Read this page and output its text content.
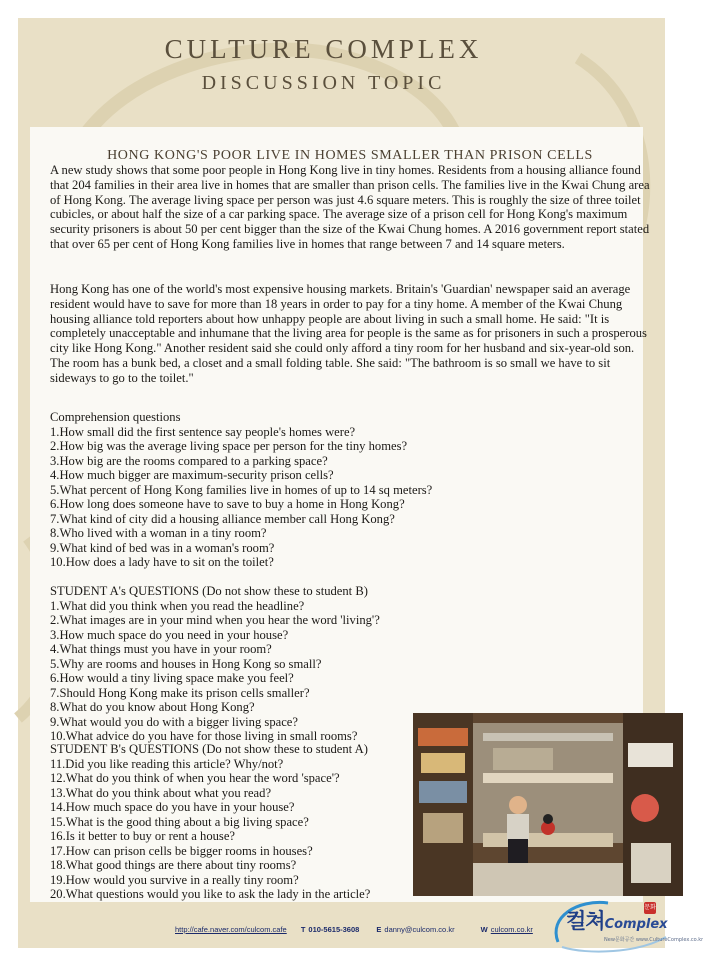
CULTURE COMPLEX
DISCUSSION TOPIC
HONG KONG'S POOR LIVE IN HOMES SMALLER THAN PRISON CELLS

A new study shows that some poor people in Hong Kong live in tiny homes. Residents from a housing alliance found that 204 families in their area live in homes that are smaller than prison cells. The families live in the Kwai Chung area of Hong Kong. The average living space per person was just 4.6 square meters. This is roughly the size of three toilet cubicles, or about half the size of a car parking space. The average size of a prison cell for Hong Kong's maximum security prisoners is about 50 per cent bigger than the size of the Kwai Chung homes. A 2016 government report stated that over 65 per cent of Hong Kong families live in homes that range between 7 and 14 square meters.

Hong Kong has one of the world's most expensive housing markets. Britain's 'Guardian' newspaper said an average resident would have to save for more than 18 years in order to pay for a tiny home. A member of the Kwai Chung housing alliance told reporters about how unhappy people are about living in such a small home. He said: "It is completely unacceptable and inhumane that the living area for people is the same as for prisoners in such a prosperous city like Hong Kong." Another resident said she could only afford a tiny room for her husband and six-year-old son. The room has a bunk bed, a closet and a small folding table. She said: "The bathroom is so small we have to sit sideways to go to the toilet."

Comprehension questions
1.How small did the first sentence say people's homes were?
2.How big was the average living space per person for the tiny homes?
3.How big are the rooms compared to a parking space?
4.How much bigger are maximum-security prison cells?
5.What percent of Hong Kong families live in homes of up to 14 sq meters?
6.How long does someone have to save to buy a home in Hong Kong?
7.What kind of city did a housing alliance member call Hong Kong?
8.Who lived with a woman in a tiny room?
9.What kind of bed was in a woman's room?
10.How does a lady have to sit on the toilet?
STUDENT A's QUESTIONS (Do not show these to student B)
1.What did you think when you read the headline?
2.What images are in your mind when you hear the word 'living'?
3.How much space do you need in your house?
4.What things must you have in your room?
5.Why are rooms and houses in Hong Kong so small?
6.How would a tiny living space make you feel?
7.Should Hong Kong make its prison cells smaller?
8.What do you know about Hong Kong?
9.What would you do with a bigger living space?
10.What advice do you have for those living in small rooms?
STUDENT B's QUESTIONS (Do not show these to student A)
11.Did you like reading this article? Why/not?
12.What do you think of when you hear the word 'space'?
13.What do you think about what you read?
14.How much space do you have in your house?
15.What is the good thing about a big living space?
16.Is it better to buy or rent a house?
17.How can prison cells be bigger rooms in houses?
18.What good things are there about tiny rooms?
19.How would you survive in a really tiny room?
20.What questions would you like to ask the lady in the article?
http://cafe.naver.com/culcom.cafe T 010-5615-3608 E danny@culcom.co.kr	W culcom.co.kr	컬쳐Complex
문화
New문화공간 www.CultureComplex.co.kr
